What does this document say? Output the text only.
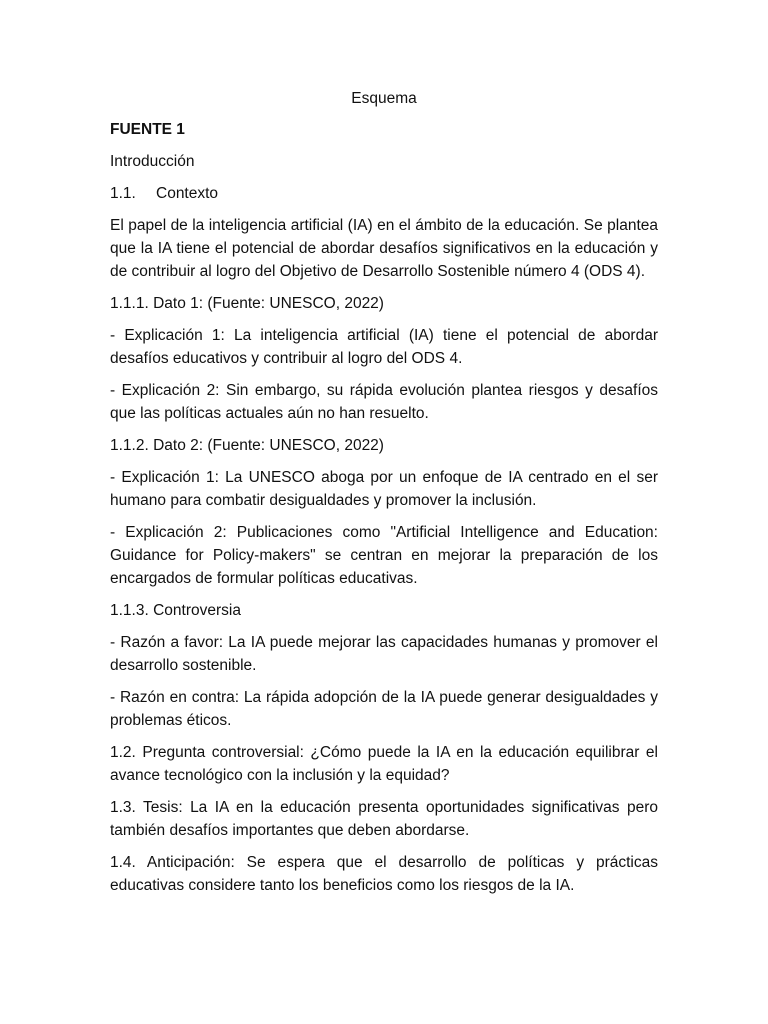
Esquema

FUENTE 1

Introducción

1.1. Contexto

El papel de la inteligencia artificial (IA) en el ámbito de la educación. Se plantea que la IA tiene el potencial de abordar desafíos significativos en la educación y de contribuir al logro del Objetivo de Desarrollo Sostenible número 4 (ODS 4).

1.1.1. Dato 1: (Fuente: UNESCO, 2022)

- Explicación 1: La inteligencia artificial (IA) tiene el potencial de abordar desafíos educativos y contribuir al logro del ODS 4.

- Explicación 2: Sin embargo, su rápida evolución plantea riesgos y desafíos que las políticas actuales aún no han resuelto.

1.1.2. Dato 2: (Fuente: UNESCO, 2022)

- Explicación 1: La UNESCO aboga por un enfoque de IA centrado en el ser humano para combatir desigualdades y promover la inclusión.

- Explicación 2: Publicaciones como "Artificial Intelligence and Education: Guidance for Policy-makers" se centran en mejorar la preparación de los encargados de formular políticas educativas.

1.1.3. Controversia

- Razón a favor: La IA puede mejorar las capacidades humanas y promover el desarrollo sostenible.

- Razón en contra: La rápida adopción de la IA puede generar desigualdades y problemas éticos.

1.2. Pregunta controversial: ¿Cómo puede la IA en la educación equilibrar el avance tecnológico con la inclusión y la equidad?

1.3. Tesis: La IA en la educación presenta oportunidades significativas pero también desafíos importantes que deben abordarse.

1.4. Anticipación: Se espera que el desarrollo de políticas y prácticas educativas considere tanto los beneficios como los riesgos de la IA.
